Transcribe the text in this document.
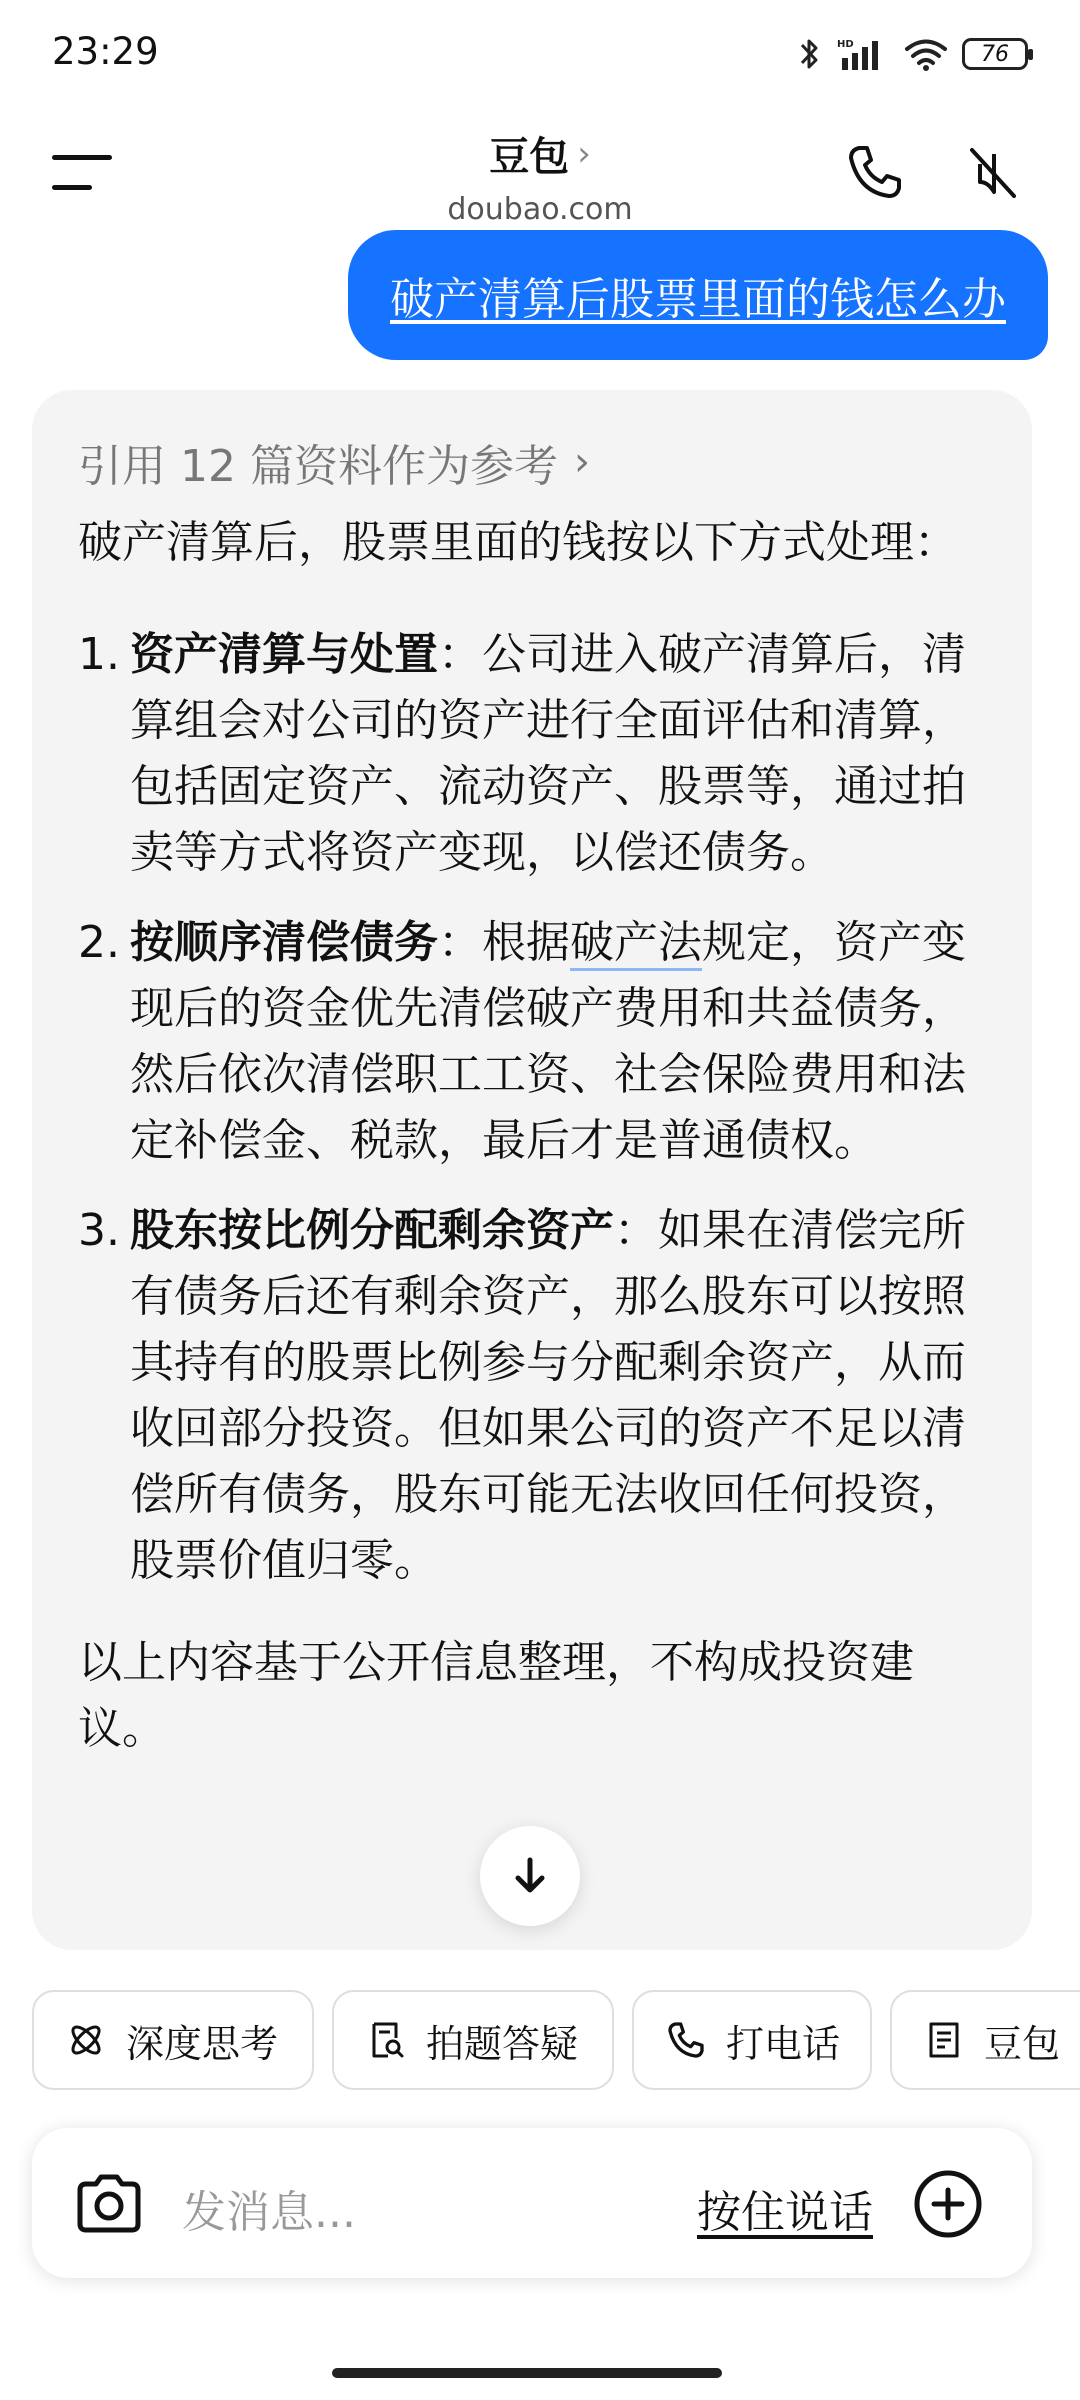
23:29	HD	76
豆包 ›
doubao.com
破产清算后股票里面的钱怎么办
引用 12 篇资料作为参考 ›
破产清算后，股票里面的钱按以下方式处理：
1. 资产清算与处置：公司进入破产清算后，清算组会对公司的资产进行全面评估和清算，包括固定资产、流动资产、股票等，通过拍卖等方式将资产变现，以偿还债务。
2. 按顺序清偿债务：根据破产法规定，资产变现后的资金优先清偿破产费用和共益债务，然后依次清偿职工工资、社会保险费用和法定补偿金、税款，最后才是普通债权。
3. 股东按比例分配剩余资产：如果在清偿完所有债务后还有剩余资产，那么股东可以按照其持有的股票比例参与分配剩余资产，从而收回部分投资。但如果公司的资产不足以清偿所有债务，股东可能无法收回任何投资，股票价值归零。
以上内容基于公开信息整理，不构成投资建议。
深度思考	拍题答疑	打电话	豆包
发消息...	按住说话
